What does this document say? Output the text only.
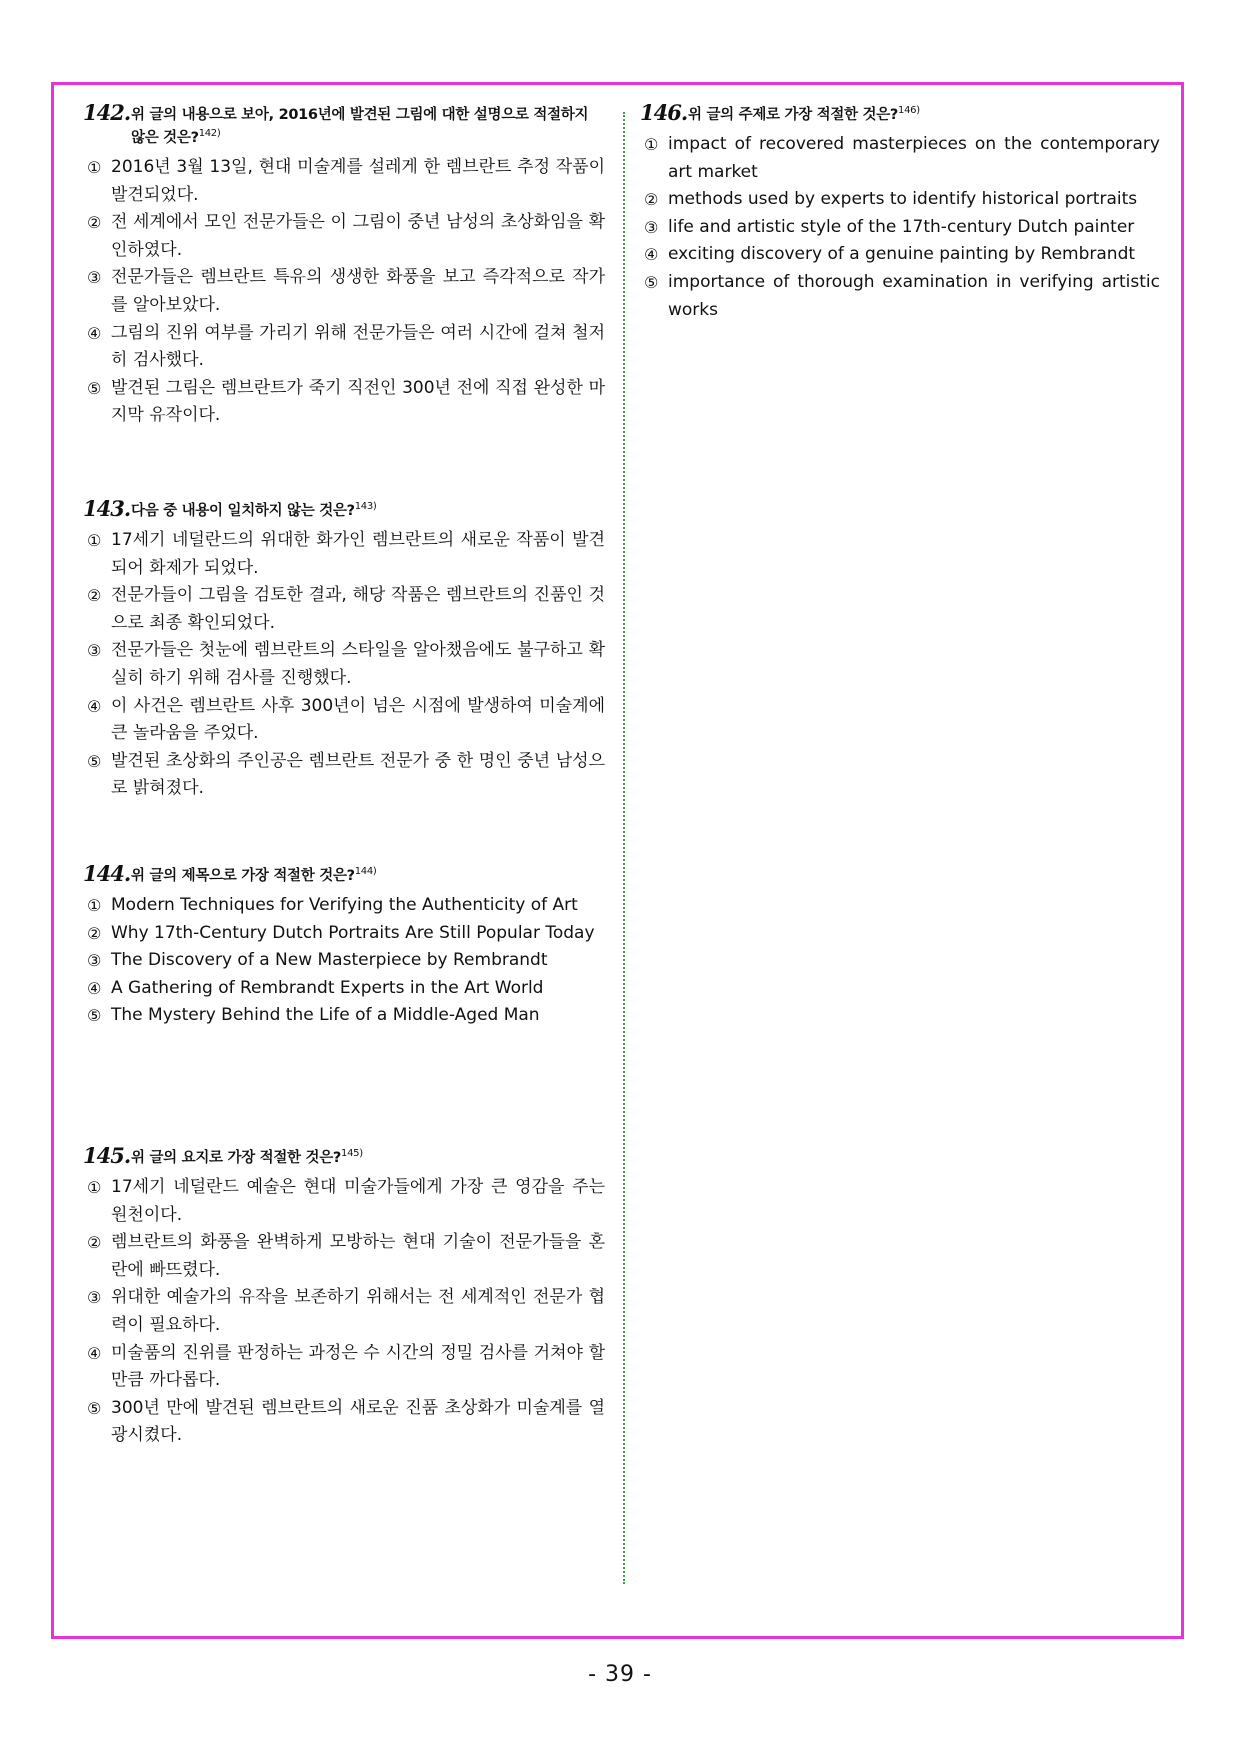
142 . 위 글의 내용으로 보아, 2016년에 발견된 그림에 대한 설명으로 적절하지 않은 것은?$^{142)}$
① 2016년 3월 13일, 현대 미술계를 설레게 한 렘브란트 추정 작품이 발견되었다.
② 전 세계에서 모인 전문가들은 이 그림이 중년 남성의 초상화임을 확인하였다.
③ 전문가들은 렘브란트 특유의 생생한 화풍을 보고 즉각적으로 작가를 알아보았다.
④ 그림의 진위 여부를 가리기 위해 전문가들은 여러 시간에 걸쳐 철저히 검사했다.
⑤ 발견된 그림은 렘브란트가 죽기 직전인 300년 전에 직접 완성한 마지막 유작이다.
143 . 다음 중 내용이 일치하지 않는 것은?$^{143)}$
① 17세기 네덜란드의 위대한 화가인 렘브란트의 새로운 작품이 발견되어 화제가 되었다.
② 전문가들이 그림을 검토한 결과, 해당 작품은 렘브란트의 진품인 것으로 최종 확인되었다.
③ 전문가들은 첫눈에 렘브란트의 스타일을 알아챘음에도 불구하고 확실히 하기 위해 검사를 진행했다.
④ 이 사건은 렘브란트 사후 300년이 넘은 시점에 발생하여 미술계에 큰 놀라움을 주었다.
⑤ 발견된 초상화의 주인공은 렘브란트 전문가 중 한 명인 중년 남성으로 밝혀졌다.
144 . 위 글의 제목으로 가장 적절한 것은?$^{144)}$
① Modern Techniques for Verifying the Authenticity of Art
② Why 17th-Century Dutch Portraits Are Still Popular Today
③ The Discovery of a New Masterpiece by Rembrandt
④ A Gathering of Rembrandt Experts in the Art World
⑤ The Mystery Behind the Life of a Middle-Aged Man
145 . 위 글의 요지로 가장 적절한 것은?$^{145)}$
① 17세기 네덜란드 예술은 현대 미술가들에게 가장 큰 영감을 주는 원천이다.
② 렘브란트의 화풍을 완벽하게 모방하는 현대 기술이 전문가들을 혼란에 빠뜨렸다.
③ 위대한 예술가의 유작을 보존하기 위해서는 전 세계적인 전문가 협력이 필요하다.
④ 미술품의 진위를 판정하는 과정은 수 시간의 정밀 검사를 거쳐야 할 만큼 까다롭다.
⑤ 300년 만에 발견된 렘브란트의 새로운 진품 초상화가 미술계를 열광시켰다.
146 . 위 글의 주제로 가장 적절한 것은?$^{146)}$
① impact of recovered masterpieces on the contemporary art market
② methods used by experts to identify historical portraits
③ life and artistic style of the 17th-century Dutch painter
④ exciting discovery of a genuine painting by Rembrandt
⑤ importance of thorough examination in verifying artistic works
- 39 -
